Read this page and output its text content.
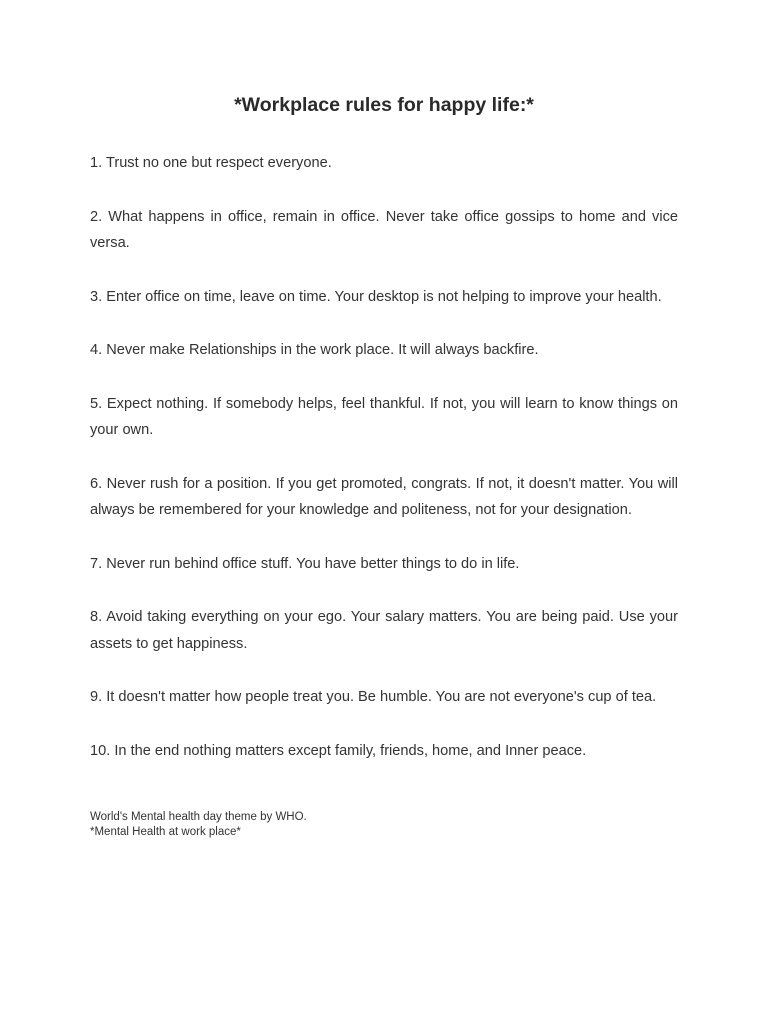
*Workplace rules for happy life:*
1. Trust no one but respect everyone.
2. What happens in office, remain in office. Never take office gossips to home and vice versa.
3. Enter office on time, leave on time. Your desktop is not helping to improve your health.
4. Never make Relationships in the work place. It will always backfire.
5. Expect nothing. If somebody helps, feel thankful. If not, you will learn to know things on your own.
6. Never rush for a position. If you get promoted, congrats. If not, it doesn't matter. You will always be remembered for your knowledge and politeness, not for your designation.
7. Never run behind office stuff. You have better things to do in life.
8. Avoid taking everything on your ego. Your salary matters. You are being paid. Use your assets to get happiness.
9. It doesn't matter how people treat you. Be humble. You are not everyone's cup of tea.
10. In the end nothing matters except family, friends, home, and Inner peace.
World's Mental health day theme by WHO.
*Mental Health at work place*
